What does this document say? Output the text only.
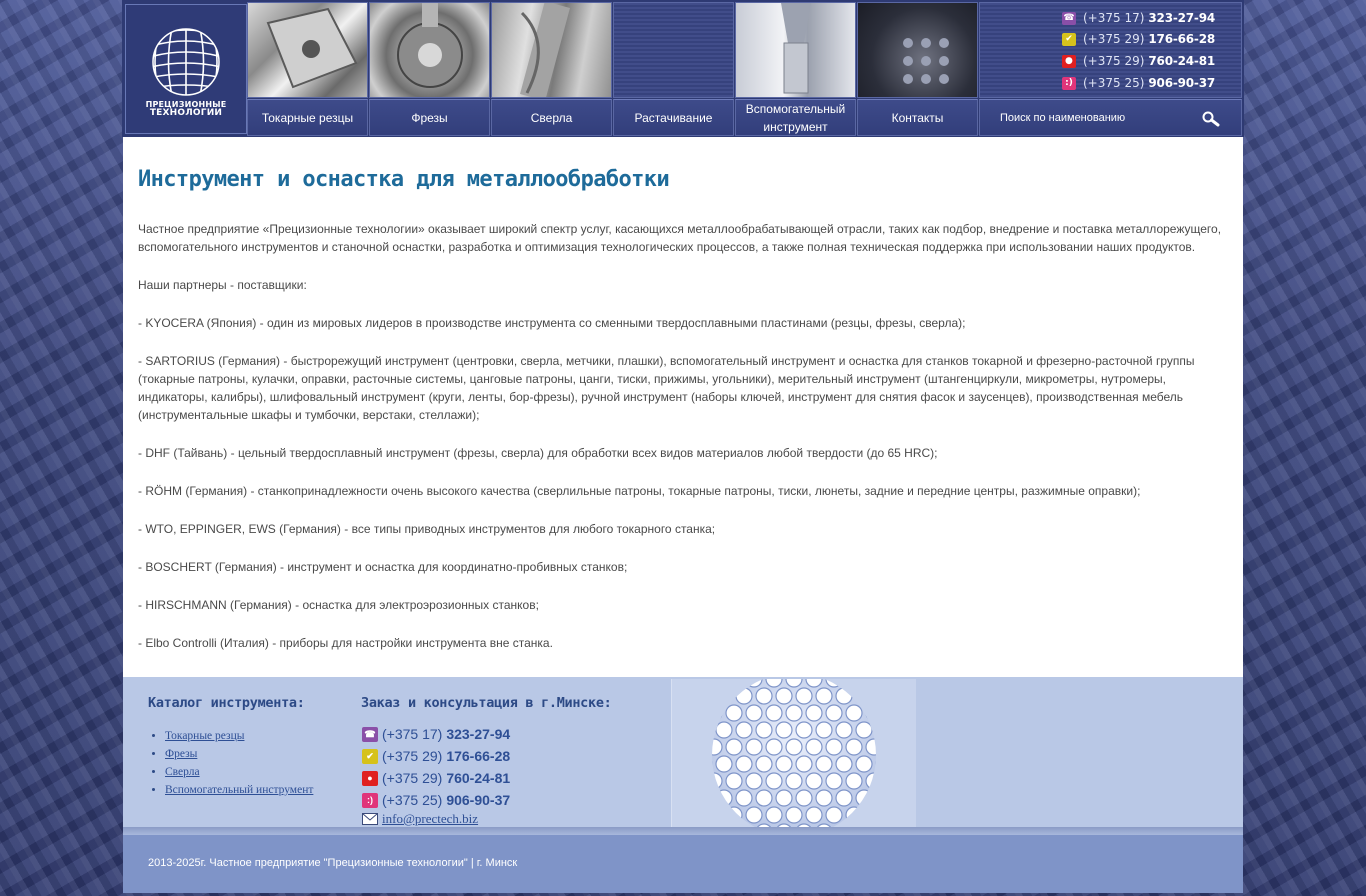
ПРЕЦИЗИОННЫЕ
ТЕХНОЛОГИИ	Токарные резцы	Фрезы	Сверла	Растачивание
Вспомогательный инструмент
Контакты
☎ (+375 17) 323-27-94
✔ (+375 29) 176-66-28
● (+375 29) 760-24-81
:) (+375 25) 906-90-37
Поиск по наименованию
Инструмент и оснастка для металлообработки

Частное предприятие «Прецизионные технологии» оказывает широкий спектр услуг, касающихся металлообрабатывающей отрасли, таких как подбор, внедрение и поставка металлорежущего, вспомогательного инструментов и станочной оснастки, разработка и оптимизация технологических процессов, а также полная техническая поддержка при использовании наших продуктов.

Наши партнеры - поставщики:

- KYOCERA (Япония) - один из мировых лидеров в производстве инструмента со сменными твердосплавными пластинами (резцы, фрезы, сверла);

- SARTORIUS (Германия) - быстрорежущий инструмент (центровки, сверла, метчики, плашки), вспомогательный инструмент и оснастка для станков токарной и фрезерно-расточной группы (токарные патроны, кулачки, оправки, расточные системы, цанговые патроны, цанги, тиски, прижимы, угольники), мерительный инструмент (штангенциркули, микрометры, нутромеры, индикаторы, калибры), шлифовальный инструмент (круги, ленты, бор-фрезы), ручной инструмент (наборы ключей, инструмент для снятия фасок и заусенцев), производственная мебель (инструментальные шкафы и тумбочки, верстаки, стеллажи);

- DHF (Тайвань) - цельный твердосплавный инструмент (фрезы, сверла) для обработки всех видов материалов любой твердости (до 65 HRC);

- RÖHM (Германия) - станкопринадлежности очень высокого качества (сверлильные патроны, токарные патроны, тиски, люнеты, задние и передние центры, разжимные оправки);

- WTO, EPPINGER, EWS (Германия) - все типы приводных инструментов для любого токарного станка;

- BOSCHERT (Германия) - инструмент и оснастка для координатно-пробивных станков;

- HIRSCHMANN (Германия) - оснастка для электроэрозионных станков;

- Elbo Controlli (Италия) - приборы для настройки инструмента вне станка.

Каталог инструмента:
• Токарные резцы
• Фрезы
• Сверла
• Вспомогательный инструмент
Заказ и консультация в г.Минске:
☎ (+375 17) 323-27-94
✔ (+375 29) 176-66-28
● (+375 29) 760-24-81
:) (+375 25) 906-90-37
info@prectech.biz
2013-2025г. Частное предприятие "Прецизионные технологии" | г. Минск
